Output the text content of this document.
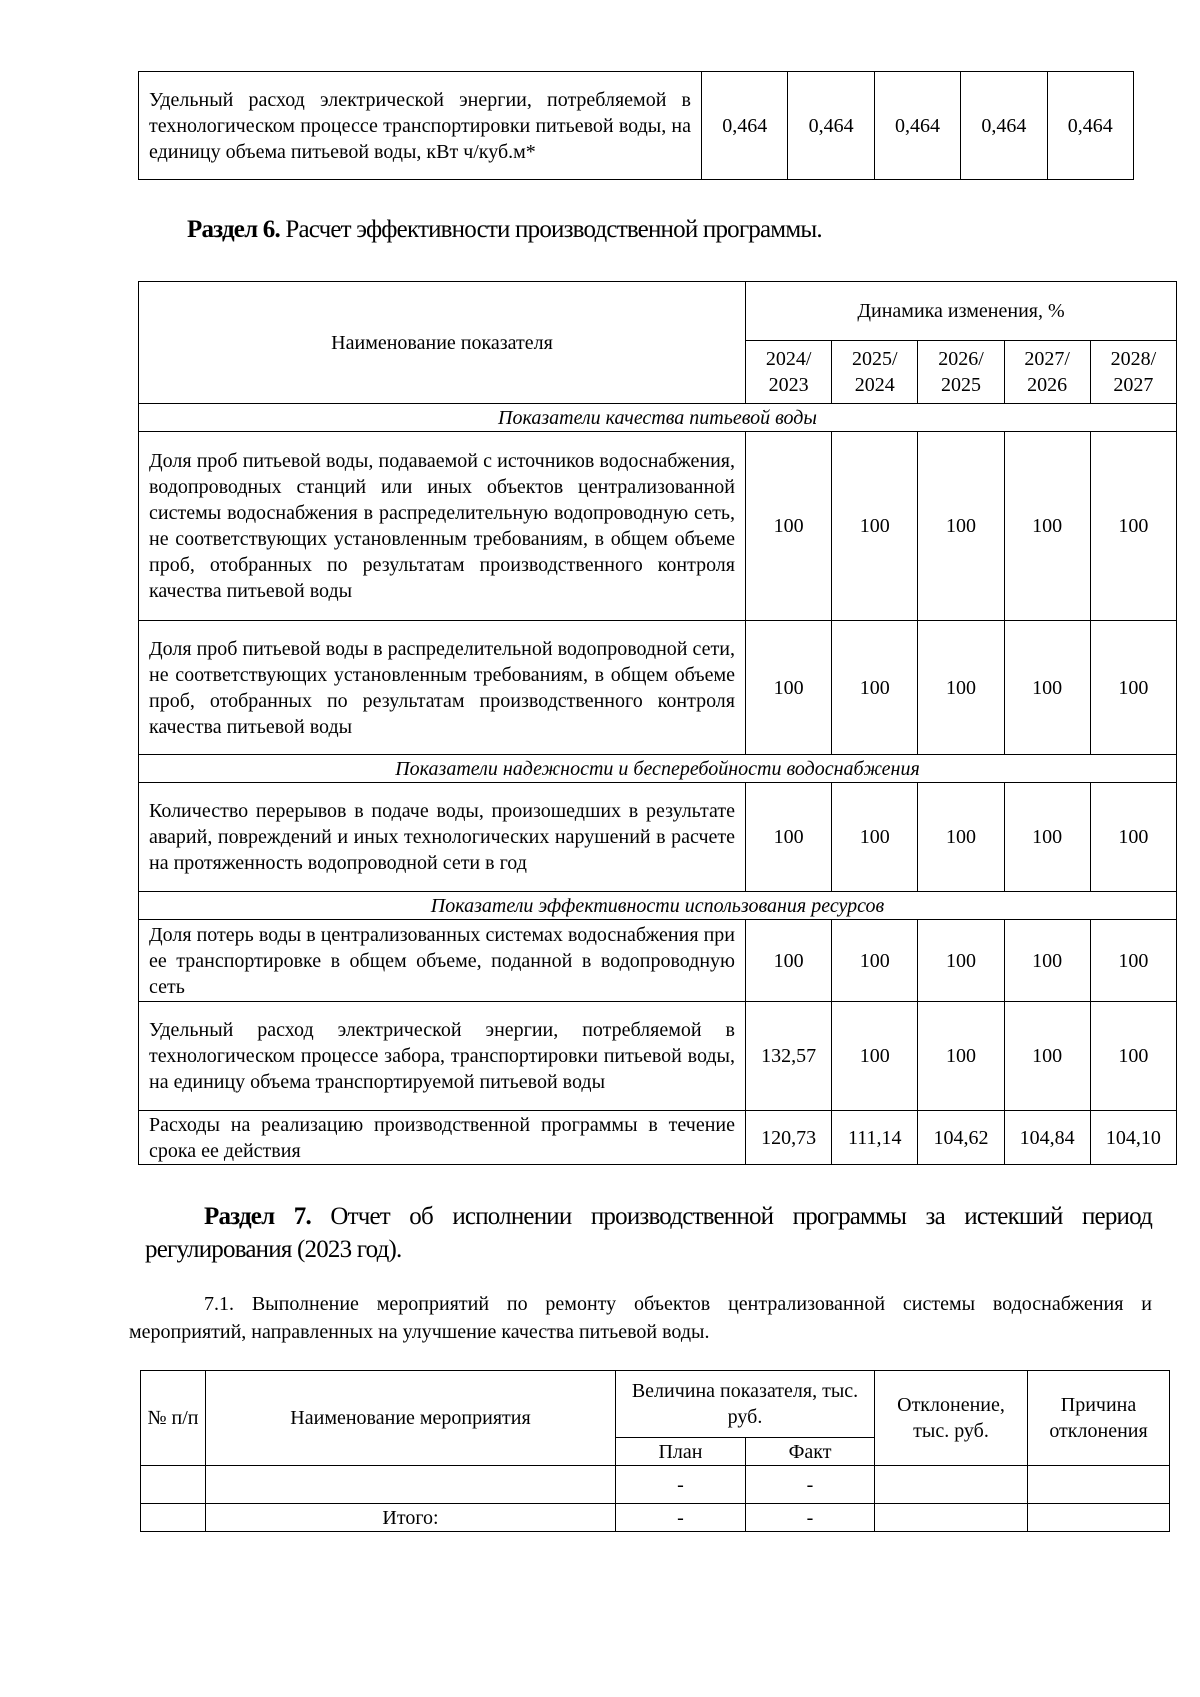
Удельный расход электрической энергии, потребляемой в технологическом процессе транспортировки питьевой воды, на единицу объема питьевой воды, кВт ч/куб.м*	0,464	0,464	0,464	0,464	0,464
Раздел 6. Расчет эффективности производственной программы.
Наименование показателя	Динамика изменения, %				
	2024/ 2023	2025/ 2024	2026/ 2025	2027/ 2026	2028/ 2027
Показатели качества питьевой воды					
Доля проб питьевой воды, подаваемой с источников водоснабжения, водопроводных станций или иных объектов централизованной системы водоснабжения в распределительную водопроводную сеть, не соответствующих установленным требованиям, в общем объеме проб, отобранных по результатам производственного контроля качества питьевой воды	100	100	100	100	100
Доля проб питьевой воды в распределительной водопроводной сети, не соответствующих установленным требованиям, в общем объеме проб, отобранных по результатам производственного контроля качества питьевой воды	100	100	100	100	100
Показатели надежности и бесперебойности водоснабжения					
Количество перерывов в подаче воды, произошедших в результате аварий, повреждений и иных технологических нарушений в расчете на протяженность водопроводной сети в год	100	100	100	100	100
Показатели эффективности использования ресурсов					
Доля потерь воды в централизованных системах водоснабжения при ее транспортировке в общем объеме, поданной в водопроводную сеть	100	100	100	100	100
Удельный расход электрической энергии, потребляемой в технологическом процессе забора, транспортировки питьевой воды, на единицу объема транспортируемой питьевой воды	132,57	100	100	100	100
Расходы на реализацию производственной программы в течение срока ее действия	120,73	111,14	104,62	104,84	104,10
Раздел 7. Отчет об исполнении производственной программы за истекший период регулирования (2023 год).
7.1. Выполнение мероприятий по ремонту объектов централизованной системы водоснабжения и мероприятий, направленных на улучшение качества питьевой воды.
№ п/п	Наименование мероприятия	Величина показателя, тыс. руб.		Отклонение, тыс. руб.	Причина отклонения
		План	Факт		
		-	-		
	Итого:	-	-		
